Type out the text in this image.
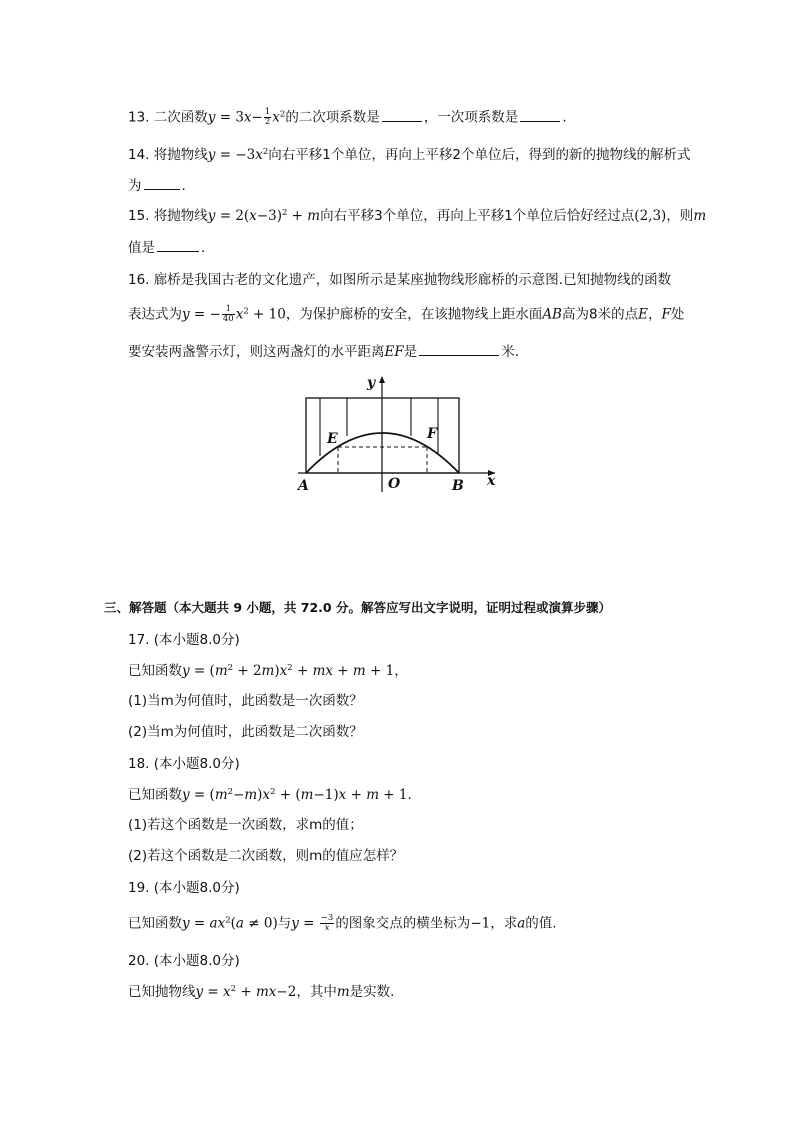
13. 二次函数$y = 3x- \frac{1}{2} x^2$的二次项系数是	，一次项系数是	.
14. 将抛物线$y = -3x^2$向右平移1个单位，再向上平移2个单位后，得到的新的抛物线的解析式
为	.
15. 将抛物线$y = 2(x-3)^2 + m$向右平移3个单位，再向上平移1个单位后恰好经过点(2,3)，则m
值是	.
16. 廊桥是我国古老的文化遗产，如图所示是某座抛物线形廊桥的示意图.已知抛物线的函数
表达式为y = − $\frac{1}{40} x^2 + 10$，为保护廊桥的安全，在该抛物线上距水面AB高为8米的点E，F处
要安装两盏警示灯，则这两盏灯的水平距离EF是	米.
y
x
E	F
A	O	B
三、解答题（本大题共 9 小题，共 72.0 分。解答应写出文字说明，证明过程或演算步骤）
17. (本小题8.0分)
已知函数$y = (m^2 + 2m)x^2$ + mx + m + 1，
(1)当m为何值时，此函数是一次函数？
(2)当m为何值时，此函数是二次函数？
18. (本小题8.0分)
已知函数$y = (m^2-m)x^2 + (m-1)x + m + 1$.
(1)若这个函数是一次函数，求m的值；
(2)若这个函数是二次函数，则m的值应怎样？
19. (本小题8.0分)
已知函数$y = ax^2(a \ne 0)$与$y = \frac{-3}{x}$ 的图象交点的横坐标为−1，求a的值.
20. (本小题8.0分)
已知抛物线$y = x^2 + mx-2$，其中m是实数.
